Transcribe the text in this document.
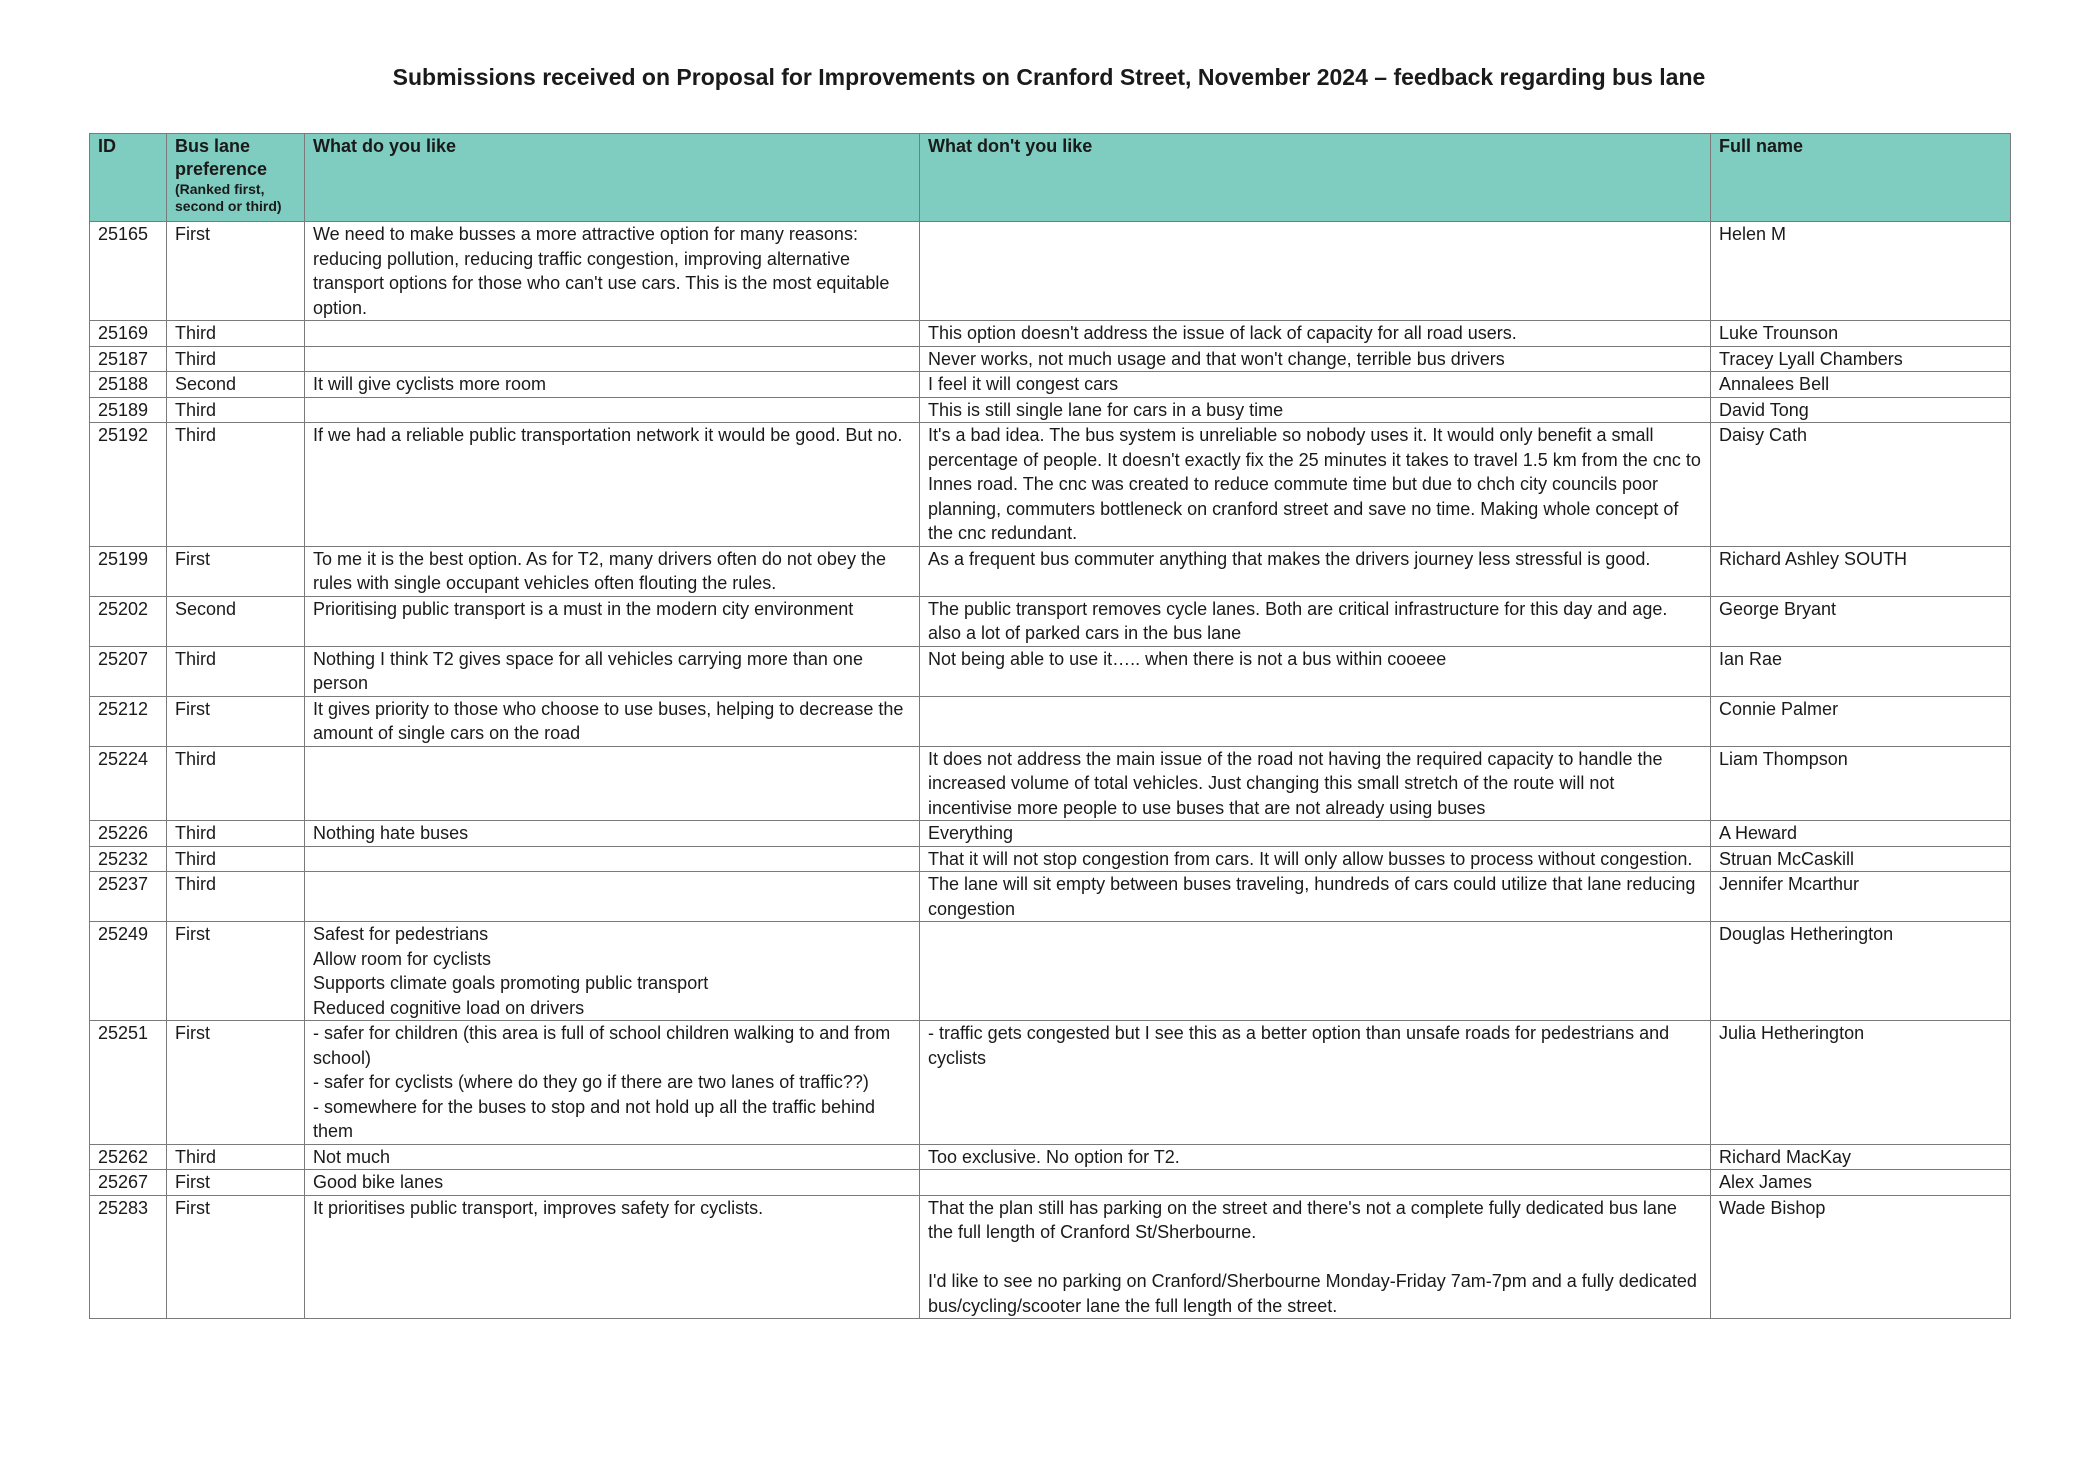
Submissions received on Proposal for Improvements on Cranford Street, November 2024 – feedback regarding bus lane
ID	Bus lane preference
(Ranked first, second or third)	What do you like	What don't you like	Full name
25165	First	We need to make busses a more attractive option for many reasons: reducing pollution, reducing traffic congestion, improving alternative transport options for those who can't use cars. This is the most equitable option.		Helen M
25169	Third		This option doesn't address the issue of lack of capacity for all road users.	Luke Trounson
25187	Third		Never works, not much usage and that won't change, terrible bus drivers	Tracey Lyall Chambers
25188	Second	It will give cyclists more room	I feel it will congest cars	Annalees Bell
25189	Third		This is still single lane for cars in a busy time	David Tong
25192	Third	If we had a reliable public transportation network it would be good. But no.	It's a bad idea. The bus system is unreliable so nobody uses it. It would only benefit a small percentage of people. It doesn't exactly fix the 25 minutes it takes to travel 1.5 km from the cnc to Innes road. The cnc was created to reduce commute time but due to chch city councils poor planning, commuters bottleneck on cranford street and save no time. Making whole concept of the cnc redundant.	Daisy Cath
25199	First	To me it is the best option. As for T2, many drivers often do not obey the rules with single occupant vehicles often flouting the rules.	As a frequent bus commuter anything that makes the drivers journey less stressful is good.	Richard Ashley SOUTH
25202	Second	Prioritising public transport is a must in the modern city environment	The public transport removes cycle lanes. Both are critical infrastructure for this day and age. also a lot of parked cars in the bus lane	George Bryant
25207	Third	Nothing I think T2 gives space for all vehicles carrying more than one person	Not being able to use it….. when there is not a bus within cooeee	Ian Rae
25212	First	It gives priority to those who choose to use buses, helping to decrease the amount of single cars on the road		Connie Palmer
25224	Third		It does not address the main issue of the road not having the required capacity to handle the increased volume of total vehicles. Just changing this small stretch of the route will not incentivise more people to use buses that are not already using buses	Liam Thompson
25226	Third	Nothing hate buses	Everything	A Heward
25232	Third		That it will not stop congestion from cars. It will only allow busses to process without congestion.	Struan McCaskill
25237	Third		The lane will sit empty between buses traveling, hundreds of cars could utilize that lane reducing congestion	Jennifer Mcarthur
25249	First	Safest for pedestrians
Allow room for cyclists
Supports climate goals promoting public transport
Reduced cognitive load on drivers		Douglas Hetherington
25251	First	- safer for children (this area is full of school children walking to and from school)
- safer for cyclists (where do they go if there are two lanes of traffic??)
- somewhere for the buses to stop and not hold up all the traffic behind them	- traffic gets congested but I see this as a better option than unsafe roads for pedestrians and cyclists	Julia Hetherington
25262	Third	Not much	Too exclusive. No option for T2.	Richard MacKay
25267	First	Good bike lanes		Alex James
25283	First	It prioritises public transport, improves safety for cyclists.	That the plan still has parking on the street and there's not a complete fully dedicated bus lane the full length of Cranford St/Sherbourne.

I'd like to see no parking on Cranford/Sherbourne Monday-Friday 7am-7pm and a fully dedicated bus/cycling/scooter lane the full length of the street.	Wade Bishop
